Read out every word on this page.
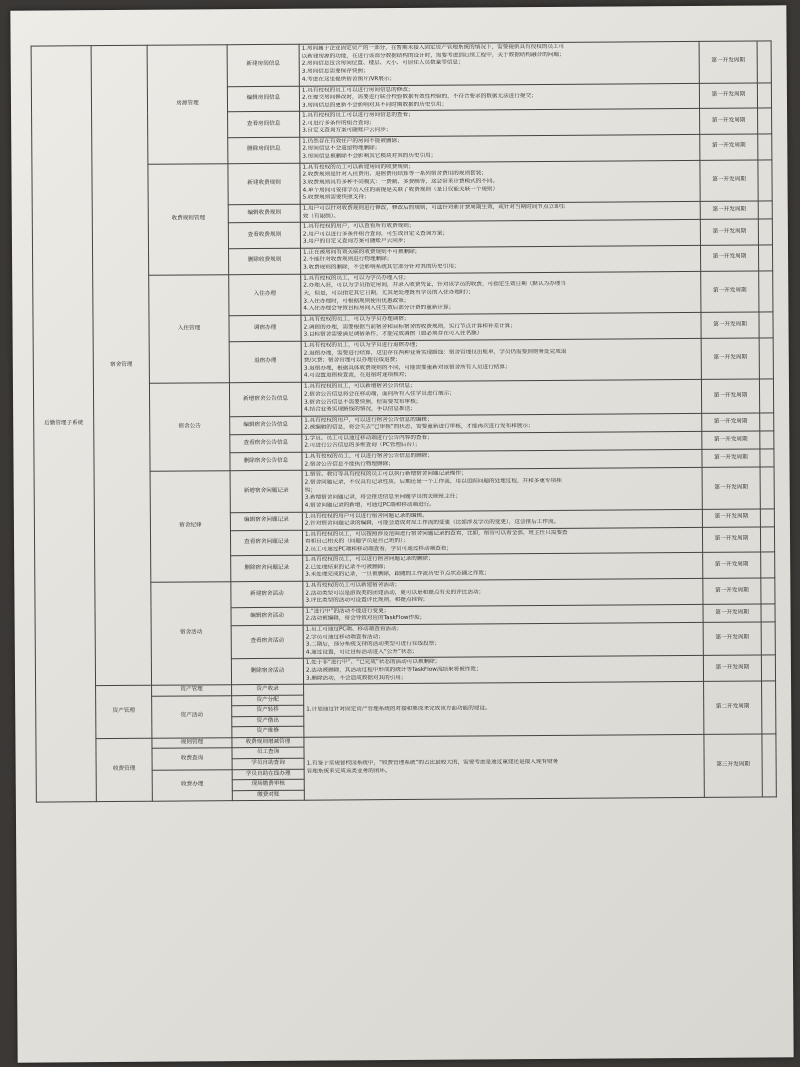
后勤管理子系统	宿舍管理	房源管理	新建房间信息	1.房间属于企业固定资产的一部分，在暂期未接入固定资产管理系统的情况下，需要提供具有授权的员工可
以新建房源的功能，在进行该部分数据结构的设计时，需要考虑到后续工程中，关于数据结构融合的问题；
2.房间信息包含房间位置、楼层、大小、可居住人员数量等信息；
3.房间信息需要保存快照；
4.考虑在这里提供宿舍图片/VR展示；	第一开发周期	
			编辑房间信息	1.具有授权的员工可以进行房间信息的修改；
2.在提交房间修改时，需要进行联合校验数据有效性校验的，不符合要求的数据无法进行提交；
3.房间信息的更新不会影响对其不同时期数据的历史引用；	第一开发周期	
			查看房间信息	1.具有授权的员工可以进行房间信息的查看；
2.可进行多条件的组合查询；
3.自定义查询方案可随账户云同步；	第一开发周期	
			删除房间信息	1.仍然存在有效住户的房间不能被删除；
2.房间信息不会遗留物理删除；
3.房间信息被删除不会影响其它模块对其的历史引用；	第一开发周期	
		收费规则管理	新建收费规则	1.具有授权的员工可以新建房间的收费规则；
2.收费规则是针对入住费用、退宿费用结算等一系列宿舍费用的规则套装；
3.收费规则具有多种不同模式：一费制、多费制等，这会带来计费模式的不同。
4.单个房间可安排学员入住的前提是关联了收费规则（是日仅能关联一个规则）
5.收费规则需要快照支持；	第一开发周期	
			编辑收费规则	1.用户可以针对收费规则进行修改，修改后的规则，可选针对新计费周期生效，或针对当期时间节点立即生
效（有限制）。	第一开发周期	
			查看收费规则	1.具有授权的用户，可以查看所有收费规则；
2.用户可以进行多条件组合查询，可生成自定义查询方案；
3.用户的自定义查询方案可随账户云同步；	第一开发周期	
			删除收费规则	1.正在被房间有效关联的收费规则不可被删除；
2.不能针对收费规则进行物理删除；
3.收费规则的删除，不会影响系统其它部分针对其的历史引用；	第一开发周期	
		入住管理	入住办理	1.具有授权的员工，可以为学员办理入住；
2.办理入驻，可以为学员指定房间，并录入收费凭证，针对该学员的收费，可指定生效日期（默认为办理当
天，但是，可以指定其它日期，尤其是处理既有学员的入住办理时）；
3.入住办理时，可根据规则使用优惠政策；
4.入住办理会导致目标房间入住生效后部分计费的重新计算；	第一开发周期	
			调宿办理	1.具有授权的员工，可以为学员办理调宿；
2.调宿的办理，需要根据当前宿舍和目标宿舍的收费规则，实行节点计算和补差计算；
3.目标宿舍需要满足调宿条件，才能完成调宿（如必须存在可入住名额）	第一开发周期	
			退宿办理	1.具有授权的员工，可以为学员进行退宿办理；
2.退宿办理，需要进行结算，这里存在两种业务实现路线：宿舍管理仅出账单，学员仍需要到财务处完成退
费/欠费；宿舍管理可以办理在线退费；
3.退宿办理，根据具体收费规则的不同，可能需要重新对该宿舍所有人员进行结算；
4.可设置退宿检查流，在退宿时逐项核对；	第一开发周期	
		宿舍公告	新增宿舍公告信息	1.具有授权的员工，可以新增宿舍公告信息；
2.宿舍公告信息将会在移动端，面向所有入住学员进行展示；
3.宿舍公告信息不需要快照，但需要发布审核；
4.结合业务实现路线的情况，手以信息推送；	第一开发周期	
			编辑宿舍公告信息	1.具有授权的用户，可以进行宿舍公告信息的编辑；
2.被编辑的信息，将会失去“已审核”的状态，需要重新进行审核，才能再次进行发布和展示；	第一开发周期	
			查看宿舍公告信息	1.学员、员工可以通过移动端进行公告内容的查看；
2.可进行公告信息的多维查询（PC管理后台）；	第一开发周期	
			删除宿舍公告信息	1.具有授权的员工，可以进行宿舍公告信息的删除；
2.宿舍公告信息不能执行物理删除；	第一开发周期	
		宿舍纪律	新增宿舍问题记录	1.宿管、教官等具有授权的员工可以执行新增宿舍问题记录操作；
2.宿舍问题记录，不仅具有记录性质，后期还是一个工作流，用以追踪问题的处理过程，并和多重专项挂
钩；
3.新增宿舍问题记录，将会推送信息至问题学员的关联班主任；
4.宿舍问题记录的新增，可通过PC端和移动端进行。	第一开发周期	
			编辑宿舍问题记录	1.具有授权的用户可以进行宿舍问题记录的编辑。
2.针对宿舍问题记录的编辑，可能会造成对应工作流的变更（比如涉及学员的变更），这会推后工作流。	第一开发周期	
			查看宿舍问题记录	1.具有授权的员工，可以按照涉及范围进行宿舍问题记录的查看，比如，宿管可以看全部，班主任只需要查
看和自己相关的（问题学员是自己班的）；
2.员工可通过PC端和移动端查看，学员可通过移动端查看；	第一开发周期	
			删除宿舍问题记录	1.具有授权的员工，可以进行宿舍问题记录的删除；
2.已处理结束的记录不可被删除；
3.未处理完成的记录，一旦被删除，跟随的工作流历史节点状态随之作废；	第一开发周期	
		宿舍活动	新建宿舍活动	1.具有授权的员工可以新建宿舍活动；
2.活动类型可以是游戏类的团建活动，更可以是和提点有关的评比活动；
3.评比类型的活动可设置评比规则，和提点挂钩；	第一开发周期	
			编辑宿舍活动	1.“进行中”的活动不能进行变更；
2.活动被编辑，将会导致对应的TaskFlow作废；	第一开发周期	
			查看宿舍活动	1.员工可通过PC端、移动端查看活动；
2.学员可通过移动端查看活动；
3.二期后，部分系统支持的活动类型可进行在线投票；
4.通过设置，可让目标活动进入“公开”状态；	第一开发周期	
			删除宿舍活动	1.处于非“进行中”、“已完成”状态的活动可以被删除；
2.活动被删除，其活动过程中形成的统计等TaskFlow流结果将被作废；
3.删除活动，不会造成数据对其的引用；	第一开发周期	
	资产管理	资产管理	资产收录	1.计划通过针对固定资产管理系统的对接和集成来完成该方面功能的建设。	第二开发周期	
		资产活动	资产分配			
			资产转移			
			资产借出			
			资产维修			
	收费管理	规则管理	收费规则增减管理	1.有鉴于常规智校园系统中，“收费管理系统”的占比最较大的，需要考虑是通过重建还是接入现有财务
管理系统来完成该类业务的闭环。	第三开发周期	
		收费查询	员工查询			
			学员自助查询			
		收费办理	学员自助在线办理			
			现场缴费审核			
			缴费对账			
